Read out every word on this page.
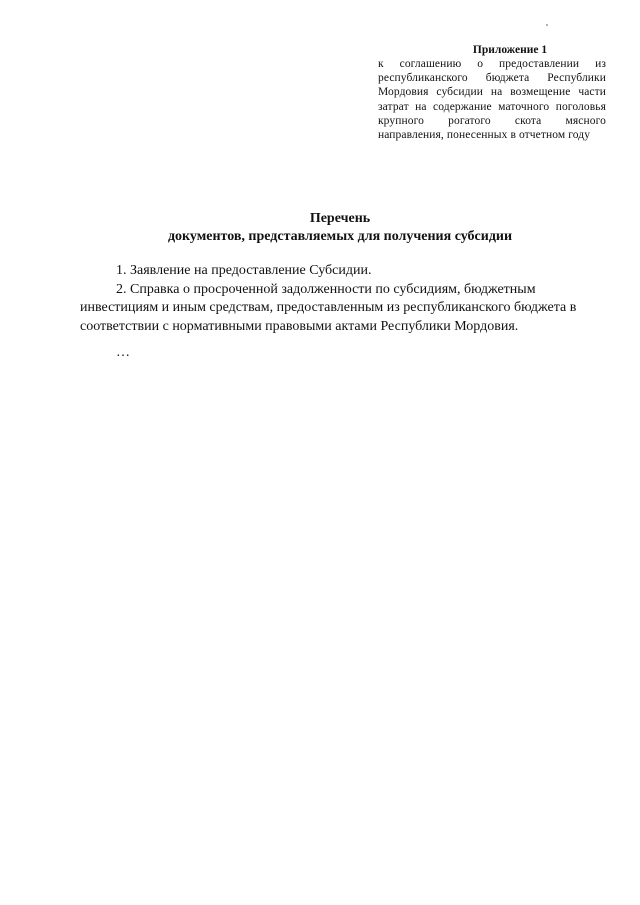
Приложение 1

к соглашению о предоставлении из республиканского бюджета Республики Мордовия субсидии на возмещение части затрат на содержание маточного поголовья крупного рогатого скота мясного направления, понесенных в отчетном году

Перечень

документов, представляемых для получения субсидии

1. Заявление на предоставление Субсидии.

2. Справка о просроченной задолженности по субсидиям, бюджетным инвестициям и иным средствам, предоставленным из республиканского бюджета в соответствии с нормативными правовыми актами Республики Мордовия.

…
